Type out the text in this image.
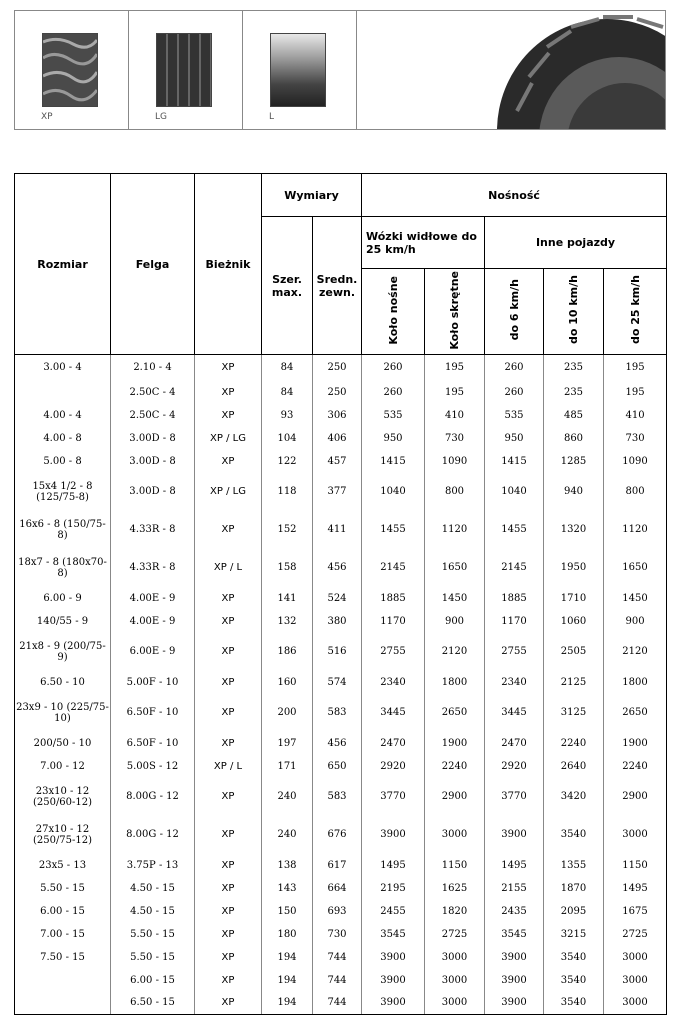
XP	LG	L
Rozmiar	Felga	Bieżnik	Wymiary		Nośność				
			Szer. max.	Sredn. zewn.	Wózki widłowe do 25 km/h		Inne pojazdy		
					Koło nośne	Koło skrętne	do 6 km/h	do 10 km/h	do 25 km/h
3.00 - 4	2.10 - 4	XP	84	250	260	195	260	235	195
	2.50C - 4	XP	84	250	260	195	260	235	195
4.00 - 4	2.50C - 4	XP	93	306	535	410	535	485	410
4.00 - 8	3.00D - 8	XP / LG	104	406	950	730	950	860	730
5.00 - 8	3.00D - 8	XP	122	457	1415	1090	1415	1285	1090
15x4 1/2 - 8 (125/75-8)	3.00D - 8	XP / LG	118	377	1040	800	1040	940	800
16x6 - 8 (150/75-8)	4.33R - 8	XP	152	411	1455	1120	1455	1320	1120
18x7 - 8 (180x70-8)	4.33R - 8	XP / L	158	456	2145	1650	2145	1950	1650
6.00 - 9	4.00E - 9	XP	141	524	1885	1450	1885	1710	1450
140/55 - 9	4.00E - 9	XP	132	380	1170	900	1170	1060	900
21x8 - 9 (200/75-9)	6.00E - 9	XP	186	516	2755	2120	2755	2505	2120
6.50 - 10	5.00F - 10	XP	160	574	2340	1800	2340	2125	1800
23x9 - 10 (225/75-10)	6.50F - 10	XP	200	583	3445	2650	3445	3125	2650
200/50 - 10	6.50F - 10	XP	197	456	2470	1900	2470	2240	1900
7.00 - 12	5.00S - 12	XP / L	171	650	2920	2240	2920	2640	2240
23x10 - 12 (250/60-12)	8.00G - 12	XP	240	583	3770	2900	3770	3420	2900
27x10 - 12 (250/75-12)	8.00G - 12	XP	240	676	3900	3000	3900	3540	3000
23x5 - 13	3.75P - 13	XP	138	617	1495	1150	1495	1355	1150
5.50 - 15	4.50 - 15	XP	143	664	2195	1625	2155	1870	1495
6.00 - 15	4.50 - 15	XP	150	693	2455	1820	2435	2095	1675
7.00 - 15	5.50 - 15	XP	180	730	3545	2725	3545	3215	2725
7.50 - 15	5.50 - 15	XP	194	744	3900	3000	3900	3540	3000
	6.00 - 15	XP	194	744	3900	3000	3900	3540	3000
	6.50 - 15	XP	194	744	3900	3000	3900	3540	3000
